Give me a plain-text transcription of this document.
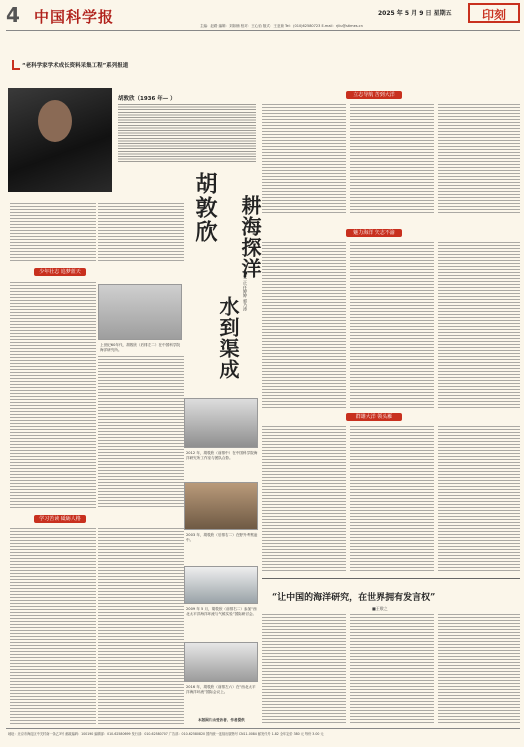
4 中国科学报	2025 年 5 月 9 日 星期五	印刻
主编：赵路 编辑：刘如楠 校对：王心怡 版式：王亚琼 Tel：(010)62580723 E-mail：rjliu@stimes.cn
“老科学家学术成长资料采集工程”系列报道
胡敦欣（1936 年— ）
耕海探洋
水到渠成
胡敦欣
■张 正 任婷婷 郭乃涛
少年壮志 追梦蓝天
上世纪60年代，胡敦欣（后排左二）在中国科学院海洋研究所。
学习苦读 砥砺人格
2012 年，胡敦欣（前排中）在中国科学院海洋研究所工作室与团队合影。
2003 年，胡敦欣（后排右二）在野外考察途中。
2009 年 5 月，胡敦欣（前排右二）参加“西北太平洋海洋环流与气候实验”国际研讨会。
2016 年，胡敦欣（前排左六）在“西北太平洋海洋环流”国际会议上。
本版图片由受访者、作者提供
立志导航 苦到大洋
魅力海洋 矢志不渝
群雄大洋 领头雁
“让中国的海洋研究，在世界拥有发言权”
■王敬之
地址：北京市海淀区中关村南一条乙3号 邮政编码：100190 编辑部：010-62580699 发行部：010-62580707 广告部：010-62580820 国内统一连续出版物号 CN11-0084 邮发代号 1-82 全年定价 380 元 每份 3.00 元
